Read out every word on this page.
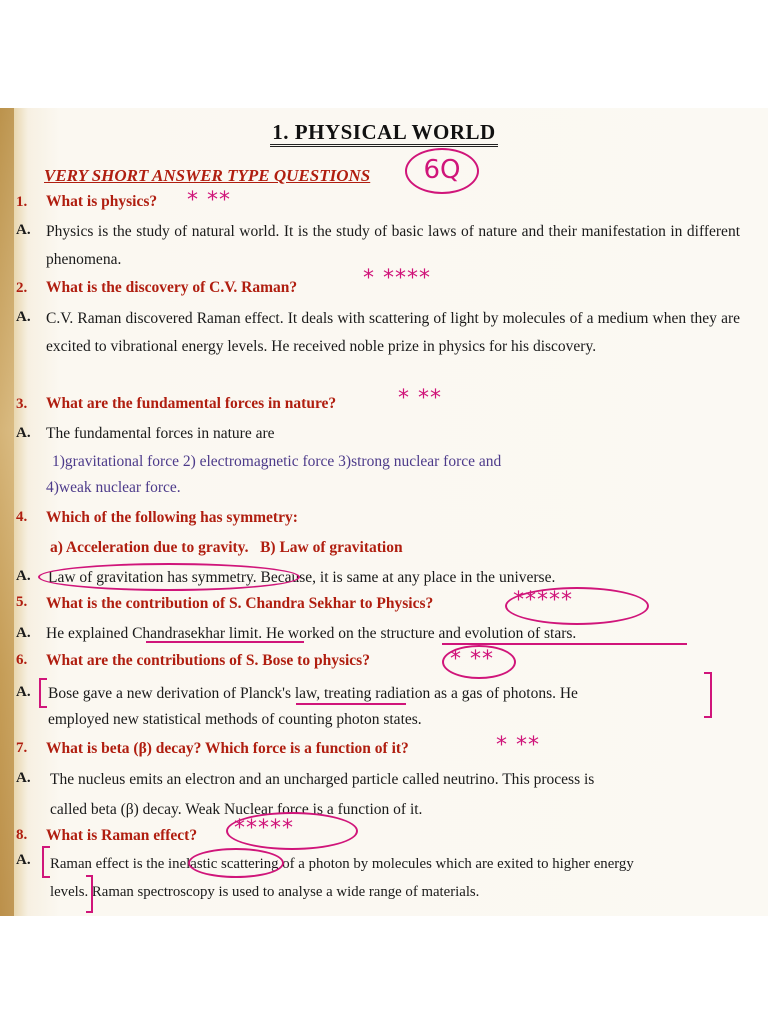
1. PHYSICAL WORLD
VERY SHORT ANSWER TYPE QUESTIONS	6Q
1. What is physics? * **
A. Physics is the study of natural world. It is the study of basic laws of nature and their manifestation in different phenomena.
2. What is the discovery of C.V. Raman?	* ****
A. C.V. Raman discovered Raman effect. It deals with scattering of light by molecules of a medium when they are excited to vibrational energy levels. He received noble prize in physics for his discovery.
3. What are the fundamental forces in nature?	* **
A. The fundamental forces in nature are
1)gravitational force 2) electromagnetic force 3)strong nuclear force and
4)weak nuclear force.
4. Which of the following has symmetry:
a) Acceleration due to gravity.   B) Law of gravitation
A. Law of gravitation has symmetry. Because, it is same at any place in the universe.
5. What is the contribution of S. Chandra Sekhar to Physics?	*****
A. He explained Chandrasekhar limit. He worked on the structure and evolution of stars.
6. What are the contributions of S. Bose to physics?	* **
A. Bose gave a new derivation of Planck's law, treating radiation as a gas of photons. He
employed new statistical methods of counting photon states.
7. What is beta (β) decay? Which force is a function of it?	* **
A. The nucleus emits an electron and an uncharged particle called neutrino. This process is
called beta (β) decay. Weak Nuclear force is a function of it.
8. What is Raman effect? *****
A. Raman effect is the inelastic scattering of a photon by molecules which are exited to higher energy
levels. Raman spectroscopy is used to analyse a wide range of materials.
